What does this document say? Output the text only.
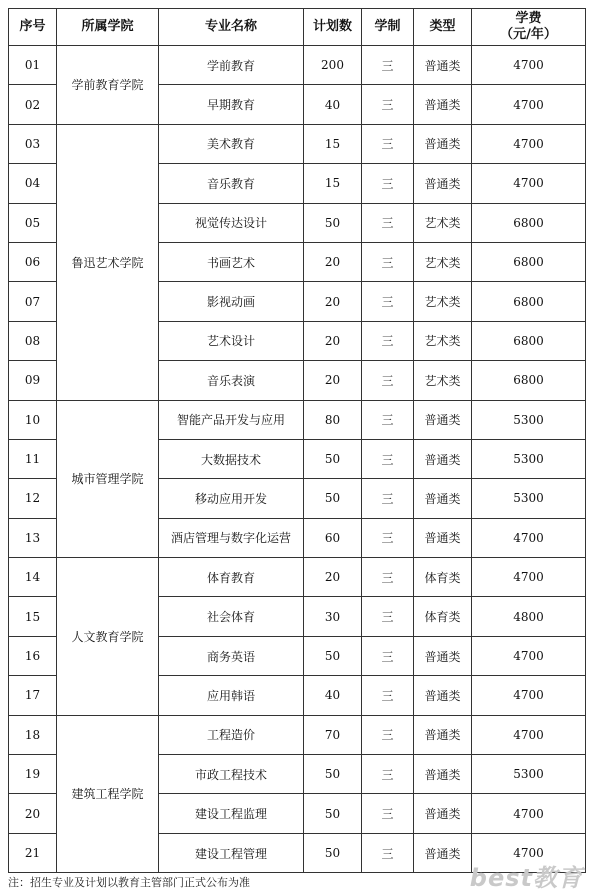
序号	所属学院	专业名称	计划数	学制	类型	学费
（元/年）

01	学前教育学院	学前教育	200	三	普通类	4700
02		早期教育	40	三	普通类	4700
03	鲁迅艺术学院	美术教育	15	三	普通类	4700
04		音乐教育	15	三	普通类	4700
05		视觉传达设计	50	三	艺术类	6800
06		书画艺术	20	三	艺术类	6800
07		影视动画	20	三	艺术类	6800
08		艺术设计	20	三	艺术类	6800
09		音乐表演	20	三	艺术类	6800
10	城市管理学院	智能产品开发与应用	80	三	普通类	5300
11		大数据技术	50	三	普通类	5300
12		移动应用开发	50	三	普通类	5300
13		酒店管理与数字化运营	60	三	普通类	4700
14	人文教育学院	体育教育	20	三	体育类	4700
15		社会体育	30	三	体育类	4800
16		商务英语	50	三	普通类	4700
17		应用韩语	40	三	普通类	4700
18	建筑工程学院	工程造价	70	三	普通类	4700
19		市政工程技术	50	三	普通类	5300
20		建设工程监理	50	三	普通类	4700
21		建设工程管理	50	三	普通类	4700
注：招生专业及计划以教育主管部门正式公布为准	best教育
